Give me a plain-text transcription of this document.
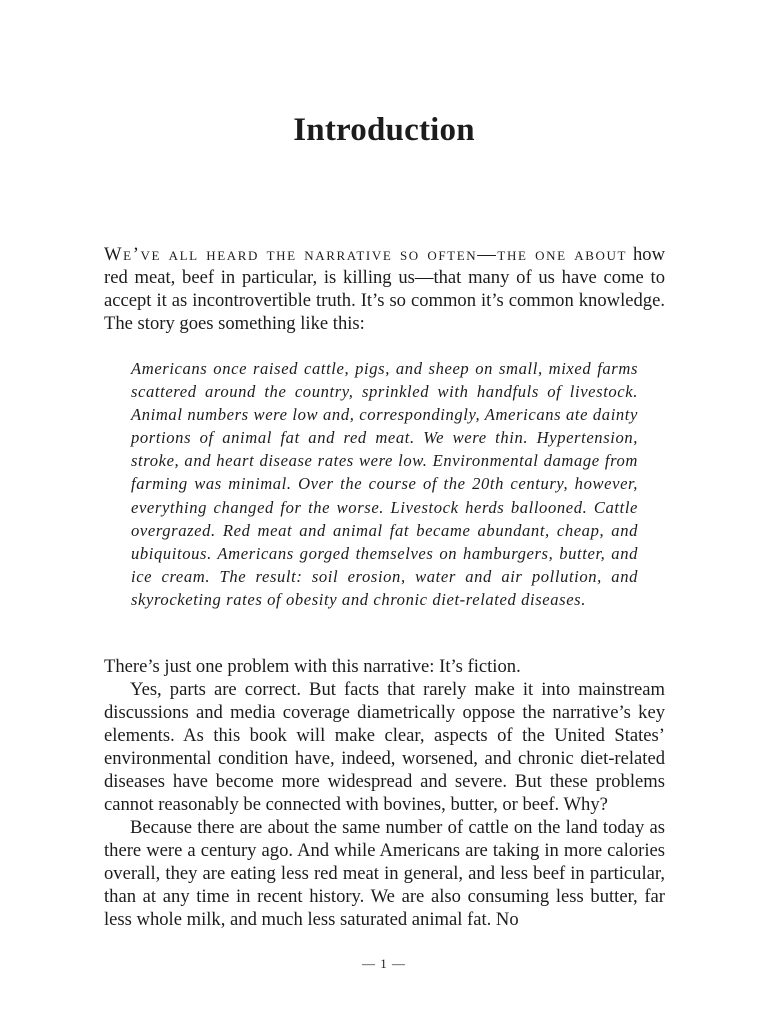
Introduction

We’ve all heard the narrative so often—the one about how red meat, beef in particular, is killing us—that many of us have come to accept it as incontrovertible truth. It’s so common it’s common knowledge. The story goes something like this:

Americans once raised cattle, pigs, and sheep on small, mixed farms scattered around the country, sprinkled with handfuls of livestock. Animal numbers were low and, correspondingly, Americans ate dainty portions of animal fat and red meat. We were thin. Hypertension, stroke, and heart disease rates were low. Environmental damage from farming was minimal. Over the course of the 20th century, however, everything changed for the worse. Livestock herds ballooned. Cattle overgrazed. Red meat and animal fat became abundant, cheap, and ubiquitous. Americans gorged themselves on hamburgers, butter, and ice cream. The result: soil erosion, water and air pollution, and skyrocketing rates of obesity and chronic diet-related diseases.

There’s just one problem with this narrative: It’s fiction.

Yes, parts are correct. But facts that rarely make it into mainstream discussions and media coverage diametrically oppose the narrative’s key elements. As this book will make clear, aspects of the United States’ environmental condition have, indeed, worsened, and chronic diet-related diseases have become more widespread and severe. But these problems cannot reasonably be connected with bovines, butter, or beef. Why?

Because there are about the same number of cattle on the land today as there were a century ago. And while Americans are taking in more calories overall, they are eating less red meat in general, and less beef in particular, than at any time in recent history. We are also consuming less butter, far less whole milk, and much less saturated animal fat. No

— 1 —
